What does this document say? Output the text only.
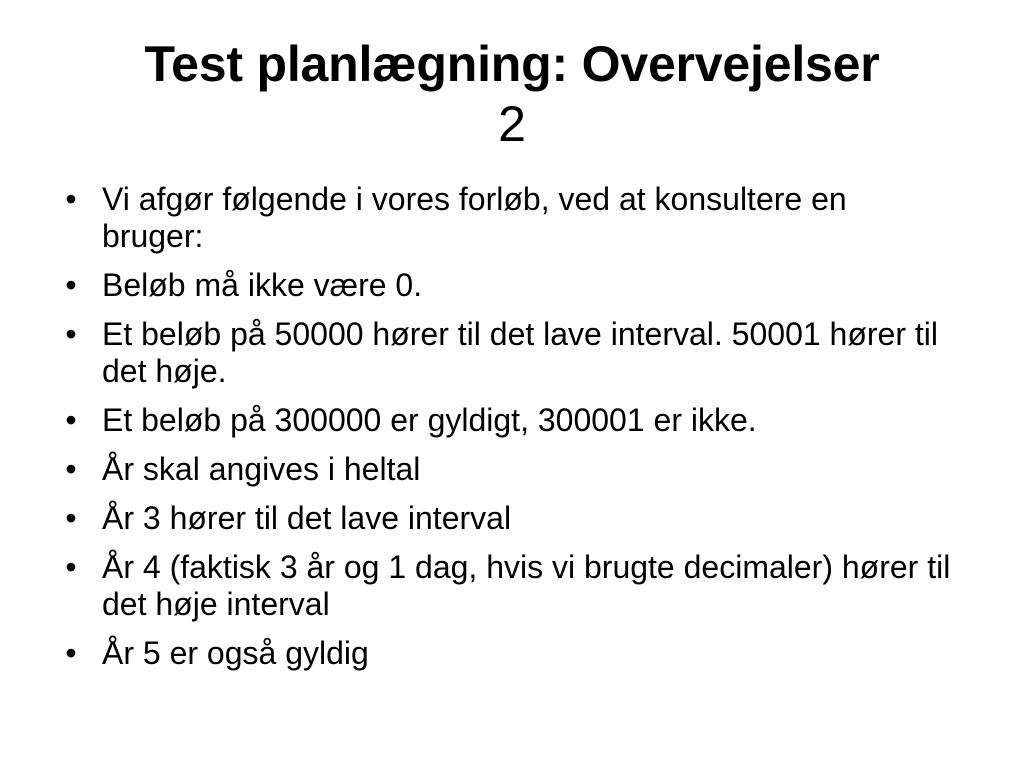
Test planlægning: Overvejelser
2
• Vi afgør følgende i vores forløb, ved at konsultere en bruger:
• Beløb må ikke være 0.
• Et beløb på 50000 hører til det lave interval. 50001 hører til det høje.
• Et beløb på 300000 er gyldigt, 300001 er ikke.
• År skal angives i heltal
• År 3 hører til det lave interval
• År 4 (faktisk 3 år og 1 dag, hvis vi brugte decimaler) hører til det høje interval
• År 5 er også gyldig
